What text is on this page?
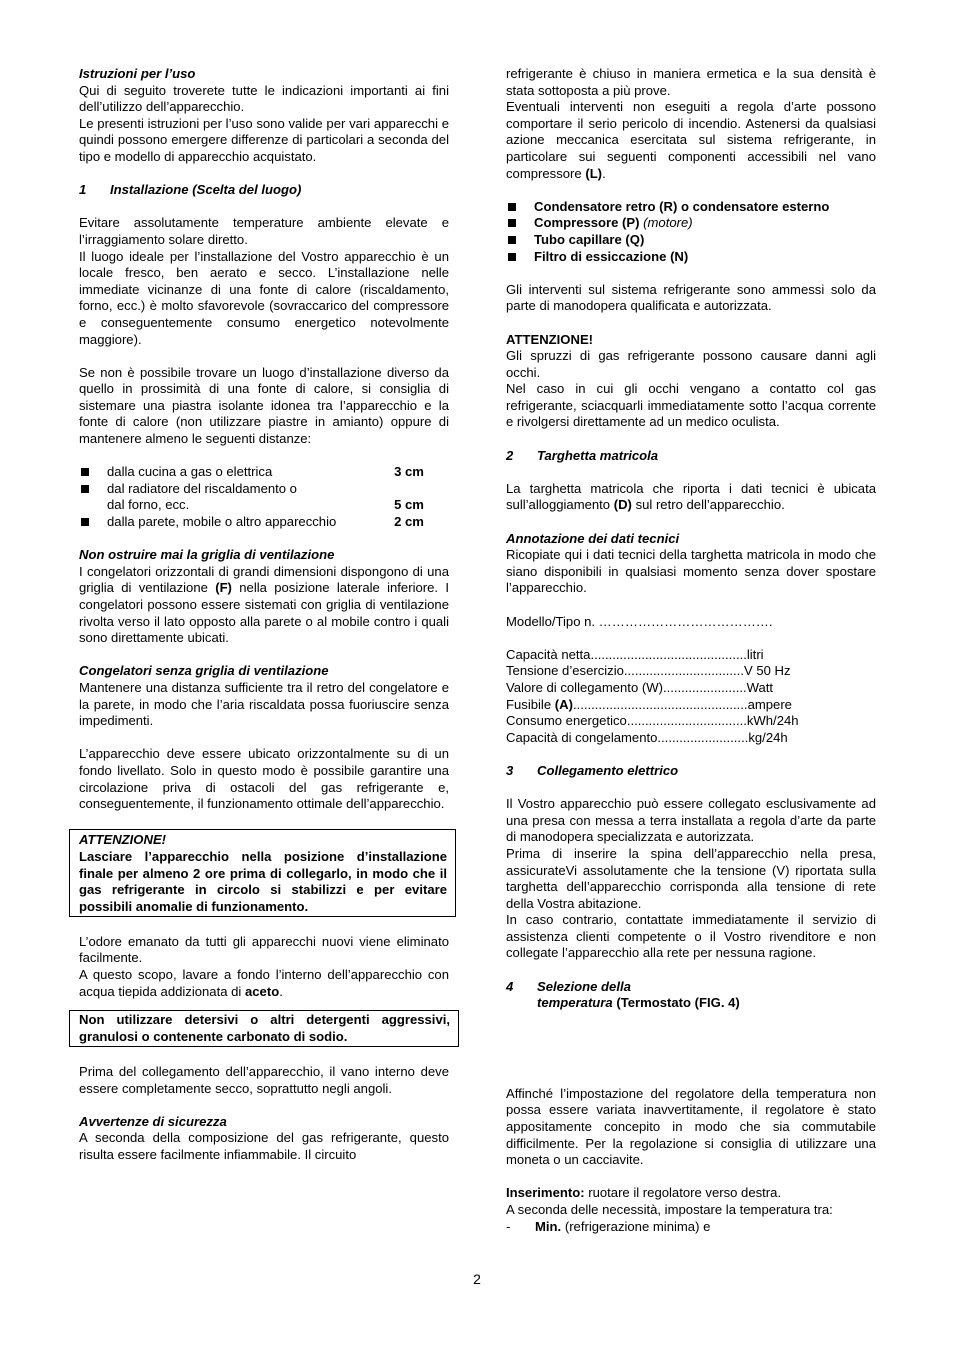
Istruzioni per l’uso

Qui di seguito troverete tutte le indicazioni importanti ai fini dell’utilizzo dell’apparecchio.

Le presenti istruzioni per l’uso sono valide per vari apparecchi e quindi possono emergere differenze di particolari a seconda del tipo e modello di apparecchio acquistato.

1 Installazione (Scelta del luogo)

Evitare assolutamente temperature ambiente elevate e l’irraggiamento solare diretto.

Il luogo ideale per l’installazione del Vostro apparecchio è un locale fresco, ben aerato e secco. L’installazione nelle immediate vicinanze di una fonte di calore (riscaldamento, forno, ecc.) è molto sfavorevole (sovraccarico del compressore e conseguentemente consumo energetico notevolmente maggiore).

Se non è possibile trovare un luogo d’installazione diverso da quello in prossimità di una fonte di calore, si consiglia di sistemare una piastra isolante idonea tra l’apparecchio e la fonte di calore (non utilizzare piastre in amianto) oppure di mantenere almeno le seguenti distanze:

dalla cucina a gas o elettrica	3 cm
dal radiatore del riscaldamento o
dal forno, ecc.	5 cm
dalla parete, mobile o altro apparecchio	2 cm

Non ostruire mai la griglia di ventilazione

I congelatori orizzontali di grandi dimensioni dispongono di una griglia di ventilazione (F) nella posizione laterale inferiore. I congelatori possono essere sistemati con griglia di ventilazione rivolta verso il lato opposto alla parete o al mobile contro i quali sono direttamente ubicati.

Congelatori senza griglia di ventilazione

Mantenere una distanza sufficiente tra il retro del congelatore e la parete, in modo che l’aria riscaldata possa fuoriuscire senza impedimenti.

L’apparecchio deve essere ubicato orizzontalmente su di un fondo livellato. Solo in questo modo è possibile garantire una circolazione priva di ostacoli del gas refrigerante e, conseguentemente, il funzionamento ottimale dell’apparecchio.

ATTENZIONE!

Lasciare l’apparecchio nella posizione d’installazione finale per almeno 2 ore prima di collegarlo, in modo che il gas refrigerante in circolo si stabilizzi e per evitare possibili anomalie di funzionamento.

L’odore emanato da tutti gli apparecchi nuovi viene eliminato facilmente.

A questo scopo, lavare a fondo l’interno dell’apparecchio con acqua tiepida addizionata di aceto.

Non utilizzare detersivi o altri detergenti aggressivi, granulosi o contenente carbonato di sodio.

Prima del collegamento dell’apparecchio, il vano interno deve essere completamente secco, soprattutto negli angoli.

Avvertenze di sicurezza

A seconda della composizione del gas refrigerante, questo risulta essere facilmente infiammabile. Il circuito

refrigerante è chiuso in maniera ermetica e la sua densità è stata sottoposta a più prove.

Eventuali interventi non eseguiti a regola d’arte possono comportare il serio pericolo di incendio. Astenersi da qualsiasi azione meccanica esercitata sul sistema refrigerante, in particolare sui seguenti componenti accessibili nel vano compressore (L).

Condensatore retro (R) o condensatore esterno
Compressore (P) (motore)
Tubo capillare (Q)
Filtro di essiccazione (N)

Gli interventi sul sistema refrigerante sono ammessi solo da parte di manodopera qualificata e autorizzata.

ATTENZIONE!

Gli spruzzi di gas refrigerante possono causare danni agli occhi.

Nel caso in cui gli occhi vengano a contatto col gas refrigerante, sciacquarli immediatamente sotto l’acqua corrente e rivolgersi direttamente ad un medico oculista.

2 Targhetta matricola

La targhetta matricola che riporta i dati tecnici è ubicata sull’alloggiamento (D) sul retro dell’apparecchio.

Annotazione dei dati tecnici

Ricopiate qui i dati tecnici della targhetta matricola in modo che siano disponibili in qualsiasi momento senza dover spostare l’apparecchio.

Modello/Tipo n. ………………………………….

Capacità netta...........................................litri

Tensione d’esercizio.................................V 50 Hz

Valore di collegamento (W).......................Watt

Fusibile (A)................................................ampere

Consumo energetico.................................kWh/24h

Capacità di congelamento.........................kg/24h

3 Collegamento elettrico

Il Vostro apparecchio può essere collegato esclusivamente ad una presa con messa a terra installata a regola d’arte da parte di manodopera specializzata e autorizzata.

Prima di inserire la spina dell’apparecchio nella presa, assicurateVi assolutamente che la tensione (V) riportata sulla targhetta dell’apparecchio corrisponda alla tensione di rete della Vostra abitazione.

In caso contrario, contattate immediatamente il servizio di assistenza clienti competente o il Vostro rivenditore e non collegate l’apparecchio alla rete per nessuna ragione.

4 Selezione della

temperatura (Termostato (FIG. 4)

Affinché l’impostazione del regolatore della temperatura non possa essere variata inavvertitamente, il regolatore è stato appositamente concepito in modo che sia commutabile difficilmente. Per la regolazione si consiglia di utilizzare una moneta o un cacciavite.

Inserimento: ruotare il regolatore verso destra.

A seconda delle necessità, impostare la temperatura tra:

- Min. (refrigerazione minima) e

2
